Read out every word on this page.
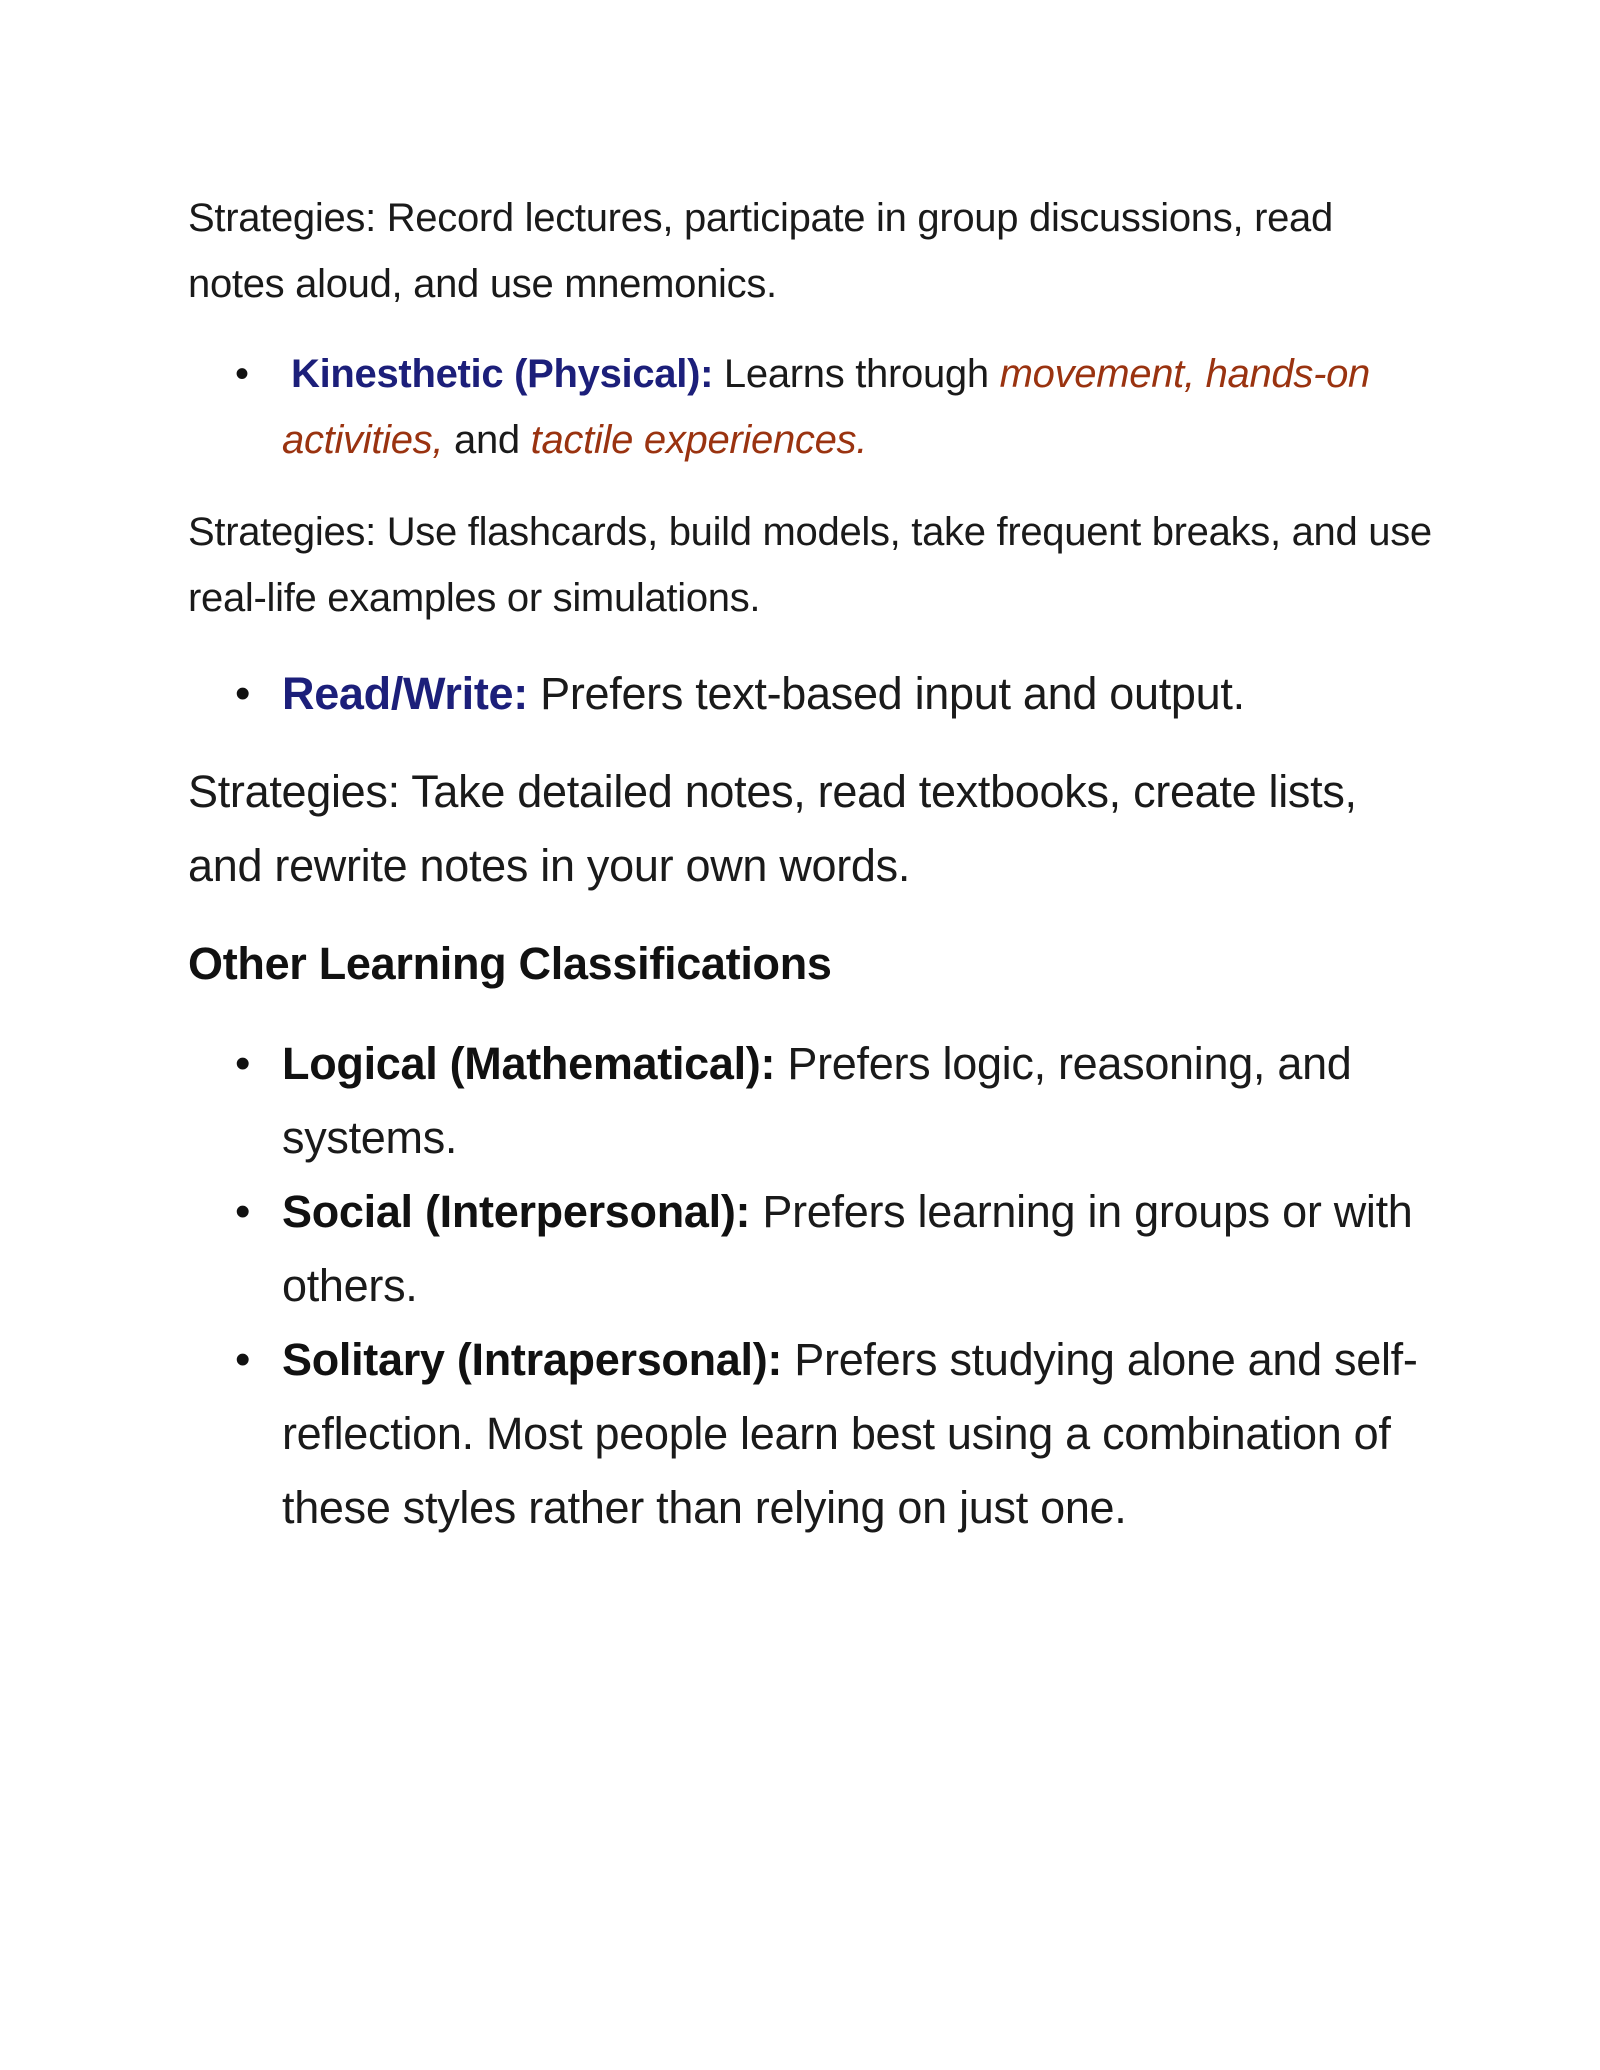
Strategies: Record lectures, participate in group discussions, read notes aloud, and use mnemonics.

• Kinesthetic (Physical): Learns through movement, hands-on activities, and tactile experiences.

Strategies: Use flashcards, build models, take frequent breaks, and use real-life examples or simulations.

• Read/Write: Prefers text-based input and output.

Strategies: Take detailed notes, read textbooks, create lists, and rewrite notes in your own words.

Other Learning Classifications

• Logical (Mathematical): Prefers logic, reasoning, and systems.
• Social (Interpersonal): Prefers learning in groups or with others.
• Solitary (Intrapersonal): Prefers studying alone and self-reflection. Most people learn best using a combination of these styles rather than relying on just one.
